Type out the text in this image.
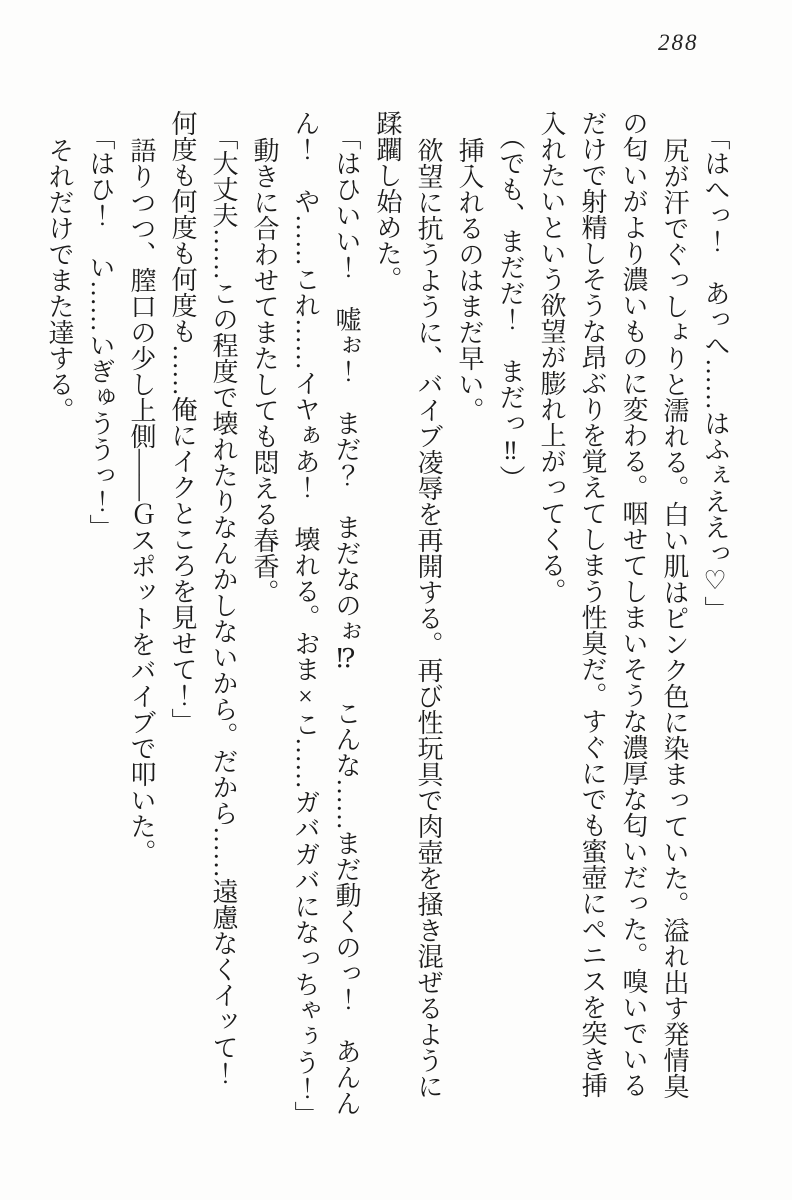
288

「はへっ！　あっへ……はふぇええっ♡」

尻が汗でぐっしょりと濡れる。白い肌はピンク色に染まっていた。溢れ出す発情臭

の匂いがより濃いものに変わる。咽せてしまいそうな濃厚な匂いだった。嗅いでいる

だけで射精しそうな昂ぶりを覚えてしまう性臭だ。すぐにでも蜜壺にペニスを突き挿

入れたいという欲望が膨れ上がってくる。

（でも、まだだ！　まだっ‼）

挿入れるのはまだ早い。

欲望に抗うように、バイブ凌辱を再開する。再び性玩具で肉壺を掻き混ぜるように

蹂躙し始めた。

「はひいい！　嘘ぉ！　まだ？　まだなのぉ⁉　こんな……まだ動くのっ！　あんん

ん！　や……これ……イヤぁあ！　壊れる。おま×こ……ガバガバになっちゃぅう！」

動きに合わせてまたしても悶える春香。

「大丈夫……この程度で壊れたりなんかしないから。だから……遠慮なくイッて！

何度も何度も何度も……俺にイクところを見せて！」

語りつつ、膣口の少し上側――Ｇスポットをバイブで叩いた。

「はひ！　い……いぎゅううっ！」

それだけでまた達する。
